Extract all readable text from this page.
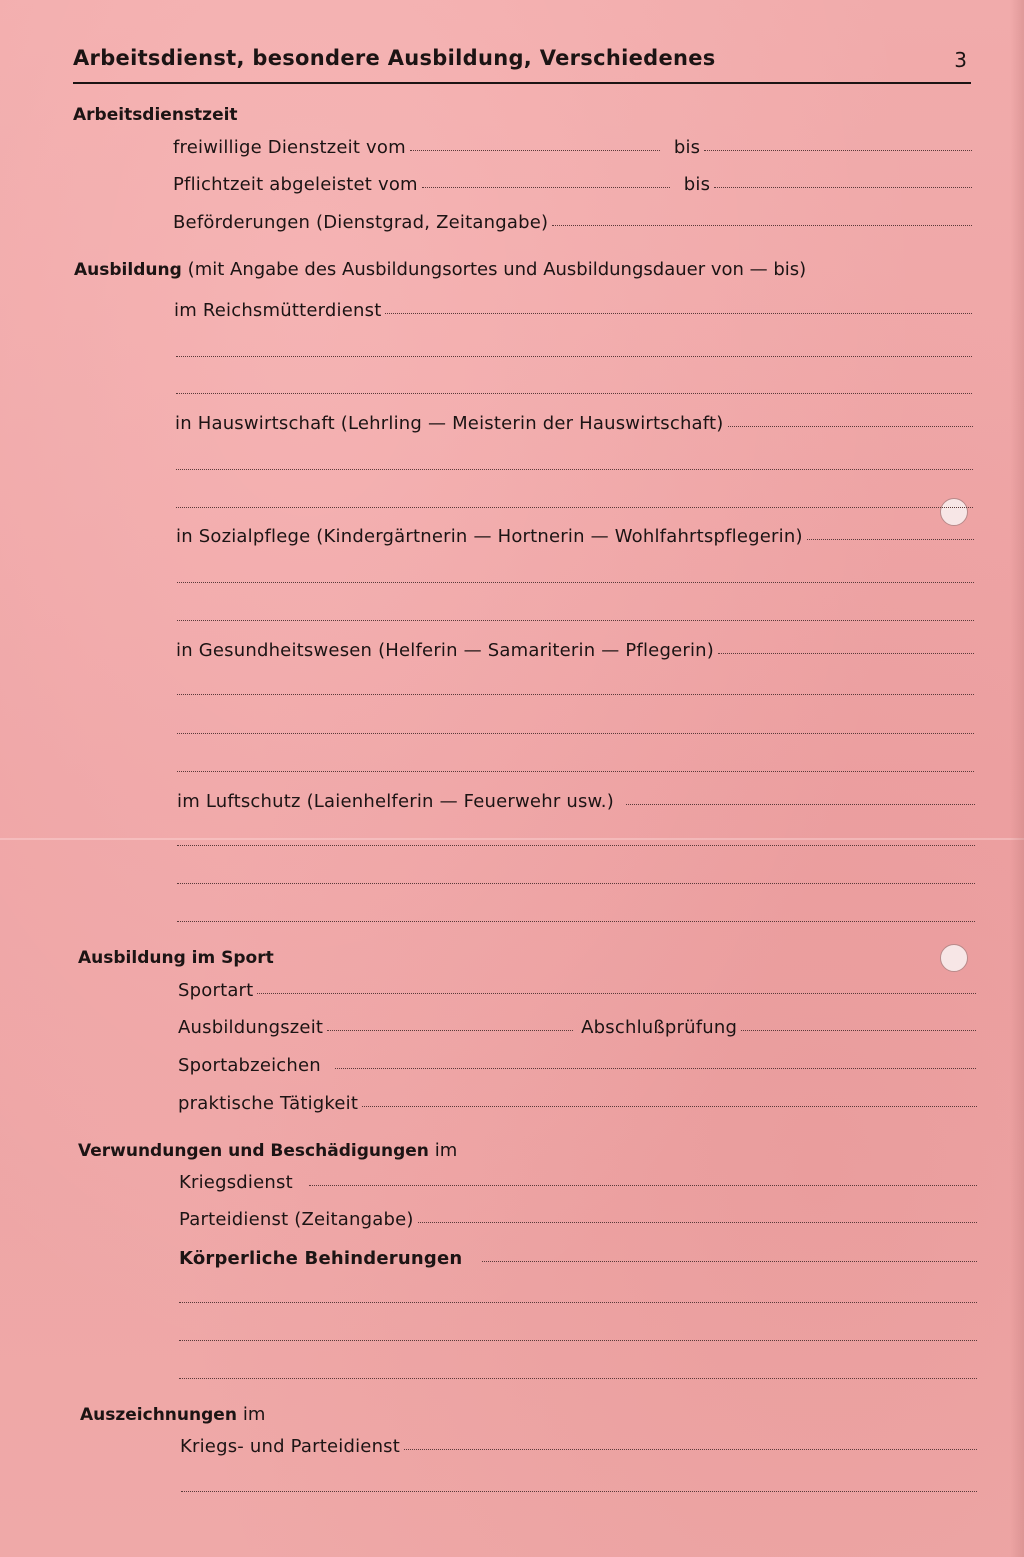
Arbeitsdienst, besondere Ausbildung, Verschiedenes	3
Arbeitsdienstzeit
freiwillige Dienstzeit vom	bis
Pflichtzeit abgeleistet vom	bis
Beförderungen (Dienstgrad, Zeitangabe)
Ausbildung (mit Angabe des Ausbildungsortes und Ausbildungsdauer von — bis)
im Reichsmütterdienst
in Hauswirtschaft (Lehrling — Meisterin der Hauswirtschaft)
in Sozialpflege (Kindergärtnerin — Hortnerin — Wohlfahrtspflegerin)
in Gesundheitswesen (Helferin — Samariterin — Pflegerin)
im Luftschutz (Laienhelferin — Feuerwehr usw.)
Ausbildung im Sport
Sportart
Ausbildungszeit	Abschlußprüfung
Sportabzeichen
praktische Tätigkeit
Verwundungen und Beschädigungen im
Kriegsdienst
Parteidienst (Zeitangabe)
Körperliche Behinderungen
Auszeichnungen im
Kriegs- und Parteidienst
